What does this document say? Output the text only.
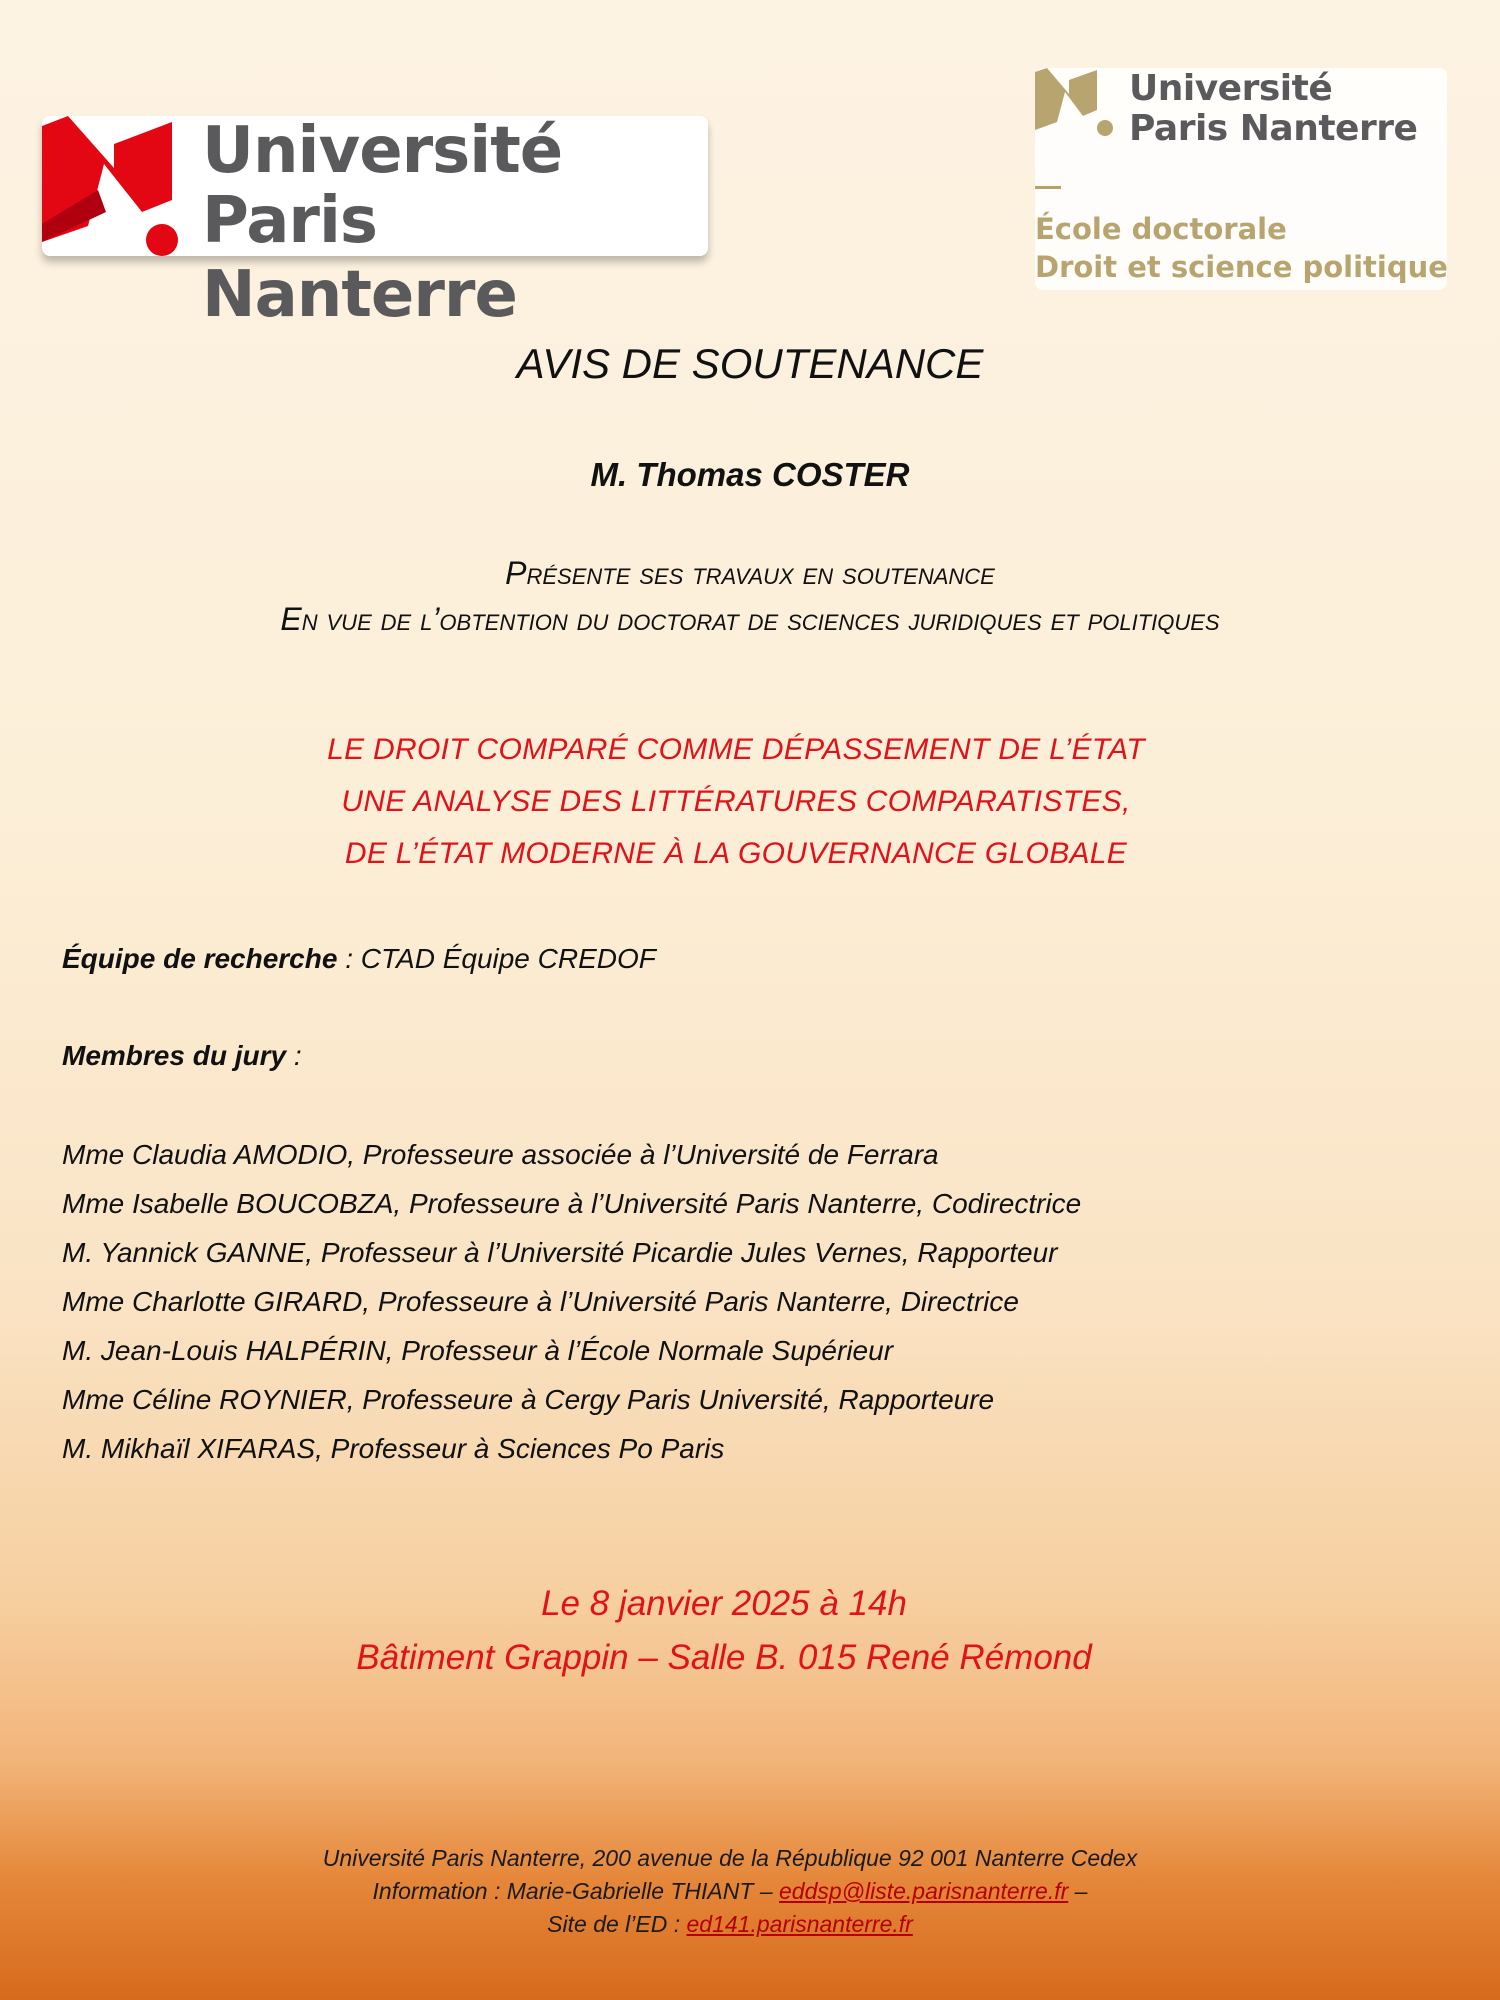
Université
Paris Nanterre
Université
Paris Nanterre
École doctorale
Droit et science politique
AVIS DE SOUTENANCE
M. Thomas COSTER
Présente ses travaux en soutenance
En vue de l’obtention du doctorat de sciences juridiques et politiques
LE DROIT COMPARÉ COMME DÉPASSEMENT DE L’ÉTAT
UNE ANALYSE DES LITTÉRATURES COMPARATISTES,
DE L’ÉTAT MODERNE À LA GOUVERNANCE GLOBALE
Équipe de recherche : CTAD Équipe CREDOF
Membres du jury :
Mme Claudia AMODIO, Professeure associée à l’Université de Ferrara
Mme Isabelle BOUCOBZA, Professeure à l’Université Paris Nanterre, Codirectrice
M. Yannick GANNE, Professeur à l’Université Picardie Jules Vernes, Rapporteur
Mme Charlotte GIRARD, Professeure à l’Université Paris Nanterre, Directrice
M. Jean-Louis HALPÉRIN, Professeur à l’École Normale Supérieur
Mme Céline ROYNIER, Professeure à Cergy Paris Université, Rapporteure
M. Mikhaïl XIFARAS, Professeur à Sciences Po Paris
Le 8 janvier 2025 à 14h
Bâtiment Grappin – Salle B. 015 René Rémond
Université Paris Nanterre, 200 avenue de la République 92 001 Nanterre Cedex
Information : Marie-Gabrielle THIANT – eddsp@liste.parisnanterre.fr –
Site de l’ED : ed141.parisnanterre.fr
